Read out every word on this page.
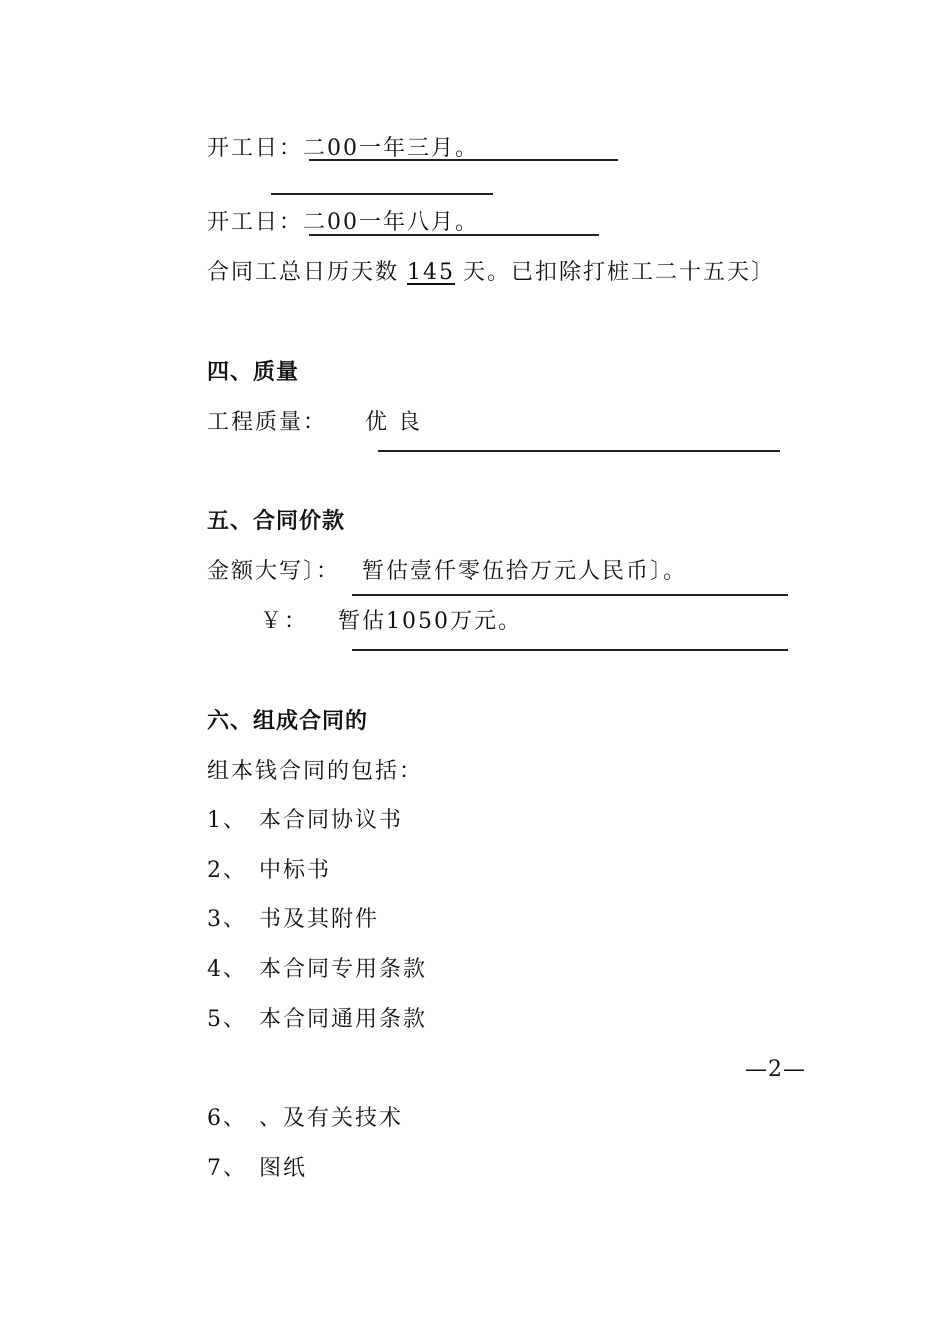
开工日：二00一年三月。
开工日：二00一年八月。
合同工总日历天数 145 天。已扣除打桩工二十五天〕
四、质量
工程质量： 优 良
五、合同价款
金额大写〕： 暂估壹仟零伍拾万元人民币〕。
￥： 暂估1050万元。
六、组成合同的
组本钱合同的包括：
1、 本合同协议书
2、 中标书
3、 书及其附件
4、 本合同专用条款
5、 本合同通用条款
—2—
6、 、及有关技术
7、 图纸
